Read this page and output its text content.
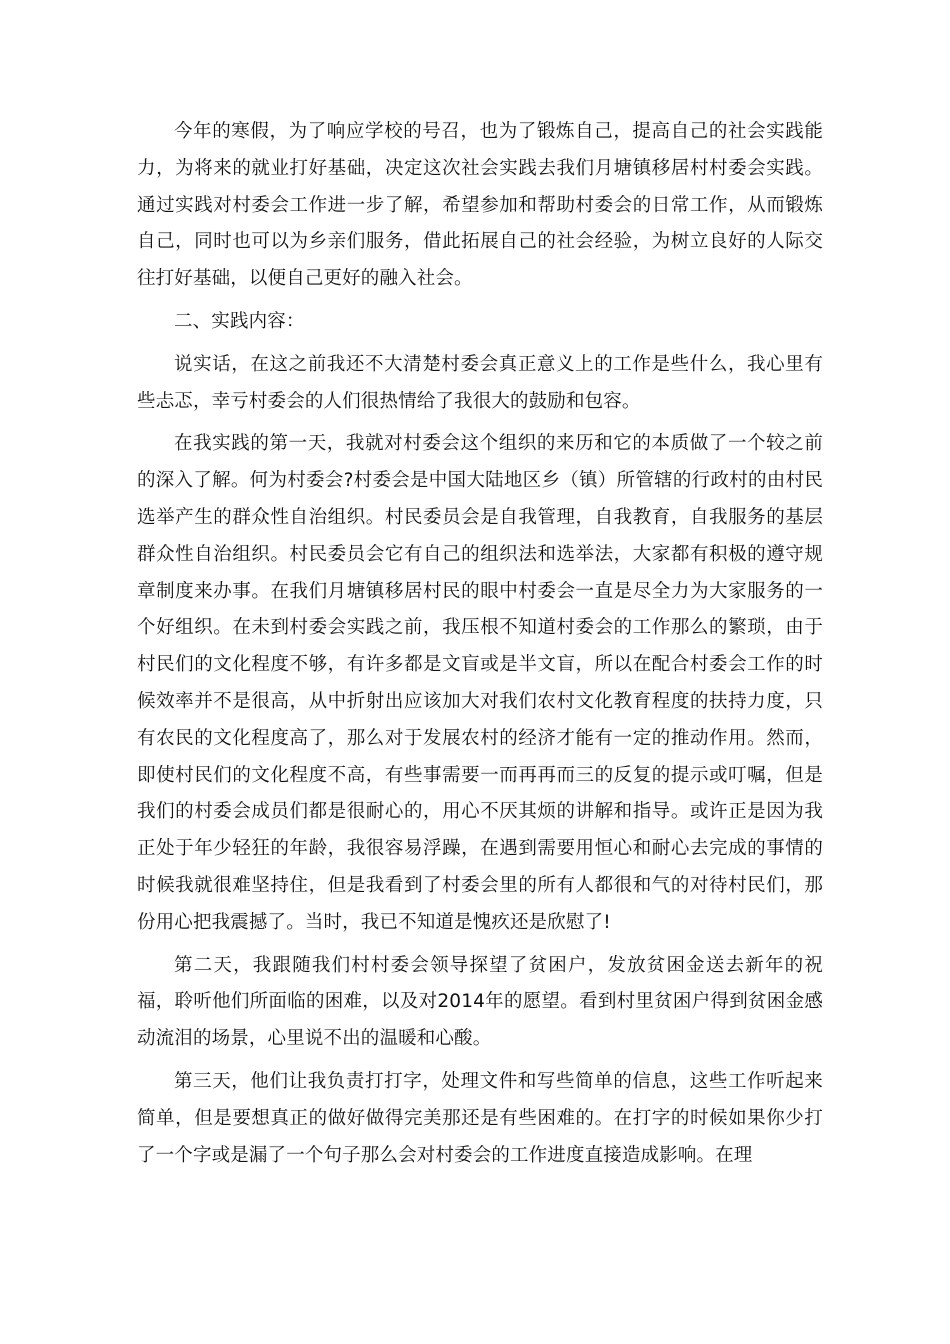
今年的寒假，为了响应学校的号召，也为了锻炼自己，提高自己的社会实践能力，为将来的就业打好基础，决定这次社会实践去我们月塘镇移居村村委会实践。通过实践对村委会工作进一步了解，希望参加和帮助村委会的日常工作，从而锻炼自己，同时也可以为乡亲们服务，借此拓展自己的社会经验，为树立良好的人际交往打好基础，以便自己更好的融入社会。

二、实践内容：

说实话，在这之前我还不大清楚村委会真正意义上的工作是些什么，我心里有些忐忑，幸亏村委会的人们很热情给了我很大的鼓励和包容。

在我实践的第一天，我就对村委会这个组织的来历和它的本质做了一个较之前的深入了解。何为村委会?村委会是中国大陆地区乡（镇）所管辖的行政村的由村民选举产生的群众性自治组织。村民委员会是自我管理，自我教育，自我服务的基层群众性自治组织。村民委员会它有自己的组织法和选举法，大家都有积极的遵守规章制度来办事。在我们月塘镇移居村民的眼中村委会一直是尽全力为大家服务的一个好组织。在未到村委会实践之前，我压根不知道村委会的工作那么的繁琐，由于村民们的文化程度不够，有许多都是文盲或是半文盲，所以在配合村委会工作的时候效率并不是很高，从中折射出应该加大对我们农村文化教育程度的扶持力度，只有农民的文化程度高了，那么对于发展农村的经济才能有一定的推动作用。然而，即使村民们的文化程度不高，有些事需要一而再再而三的反复的提示或叮嘱，但是我们的村委会成员们都是很耐心的，用心不厌其烦的讲解和指导。或许正是因为我正处于年少轻狂的年龄，我很容易浮躁，在遇到需要用恒心和耐心去完成的事情的时候我就很难坚持住，但是我看到了村委会里的所有人都很和气的对待村民们，那份用心把我震撼了。当时，我已不知道是愧疚还是欣慰了!

第二天，我跟随我们村村委会领导探望了贫困户，发放贫困金送去新年的祝福，聆听他们所面临的困难，以及对2014年的愿望。看到村里贫困户得到贫困金感动流泪的场景，心里说不出的温暖和心酸。

第三天，他们让我负责打打字，处理文件和写些简单的信息，这些工作听起来简单，但是要想真正的做好做得完美那还是有些困难的。在打字的时候如果你少打了一个字或是漏了一个句子那么会对村委会的工作进度直接造成影响。在理
